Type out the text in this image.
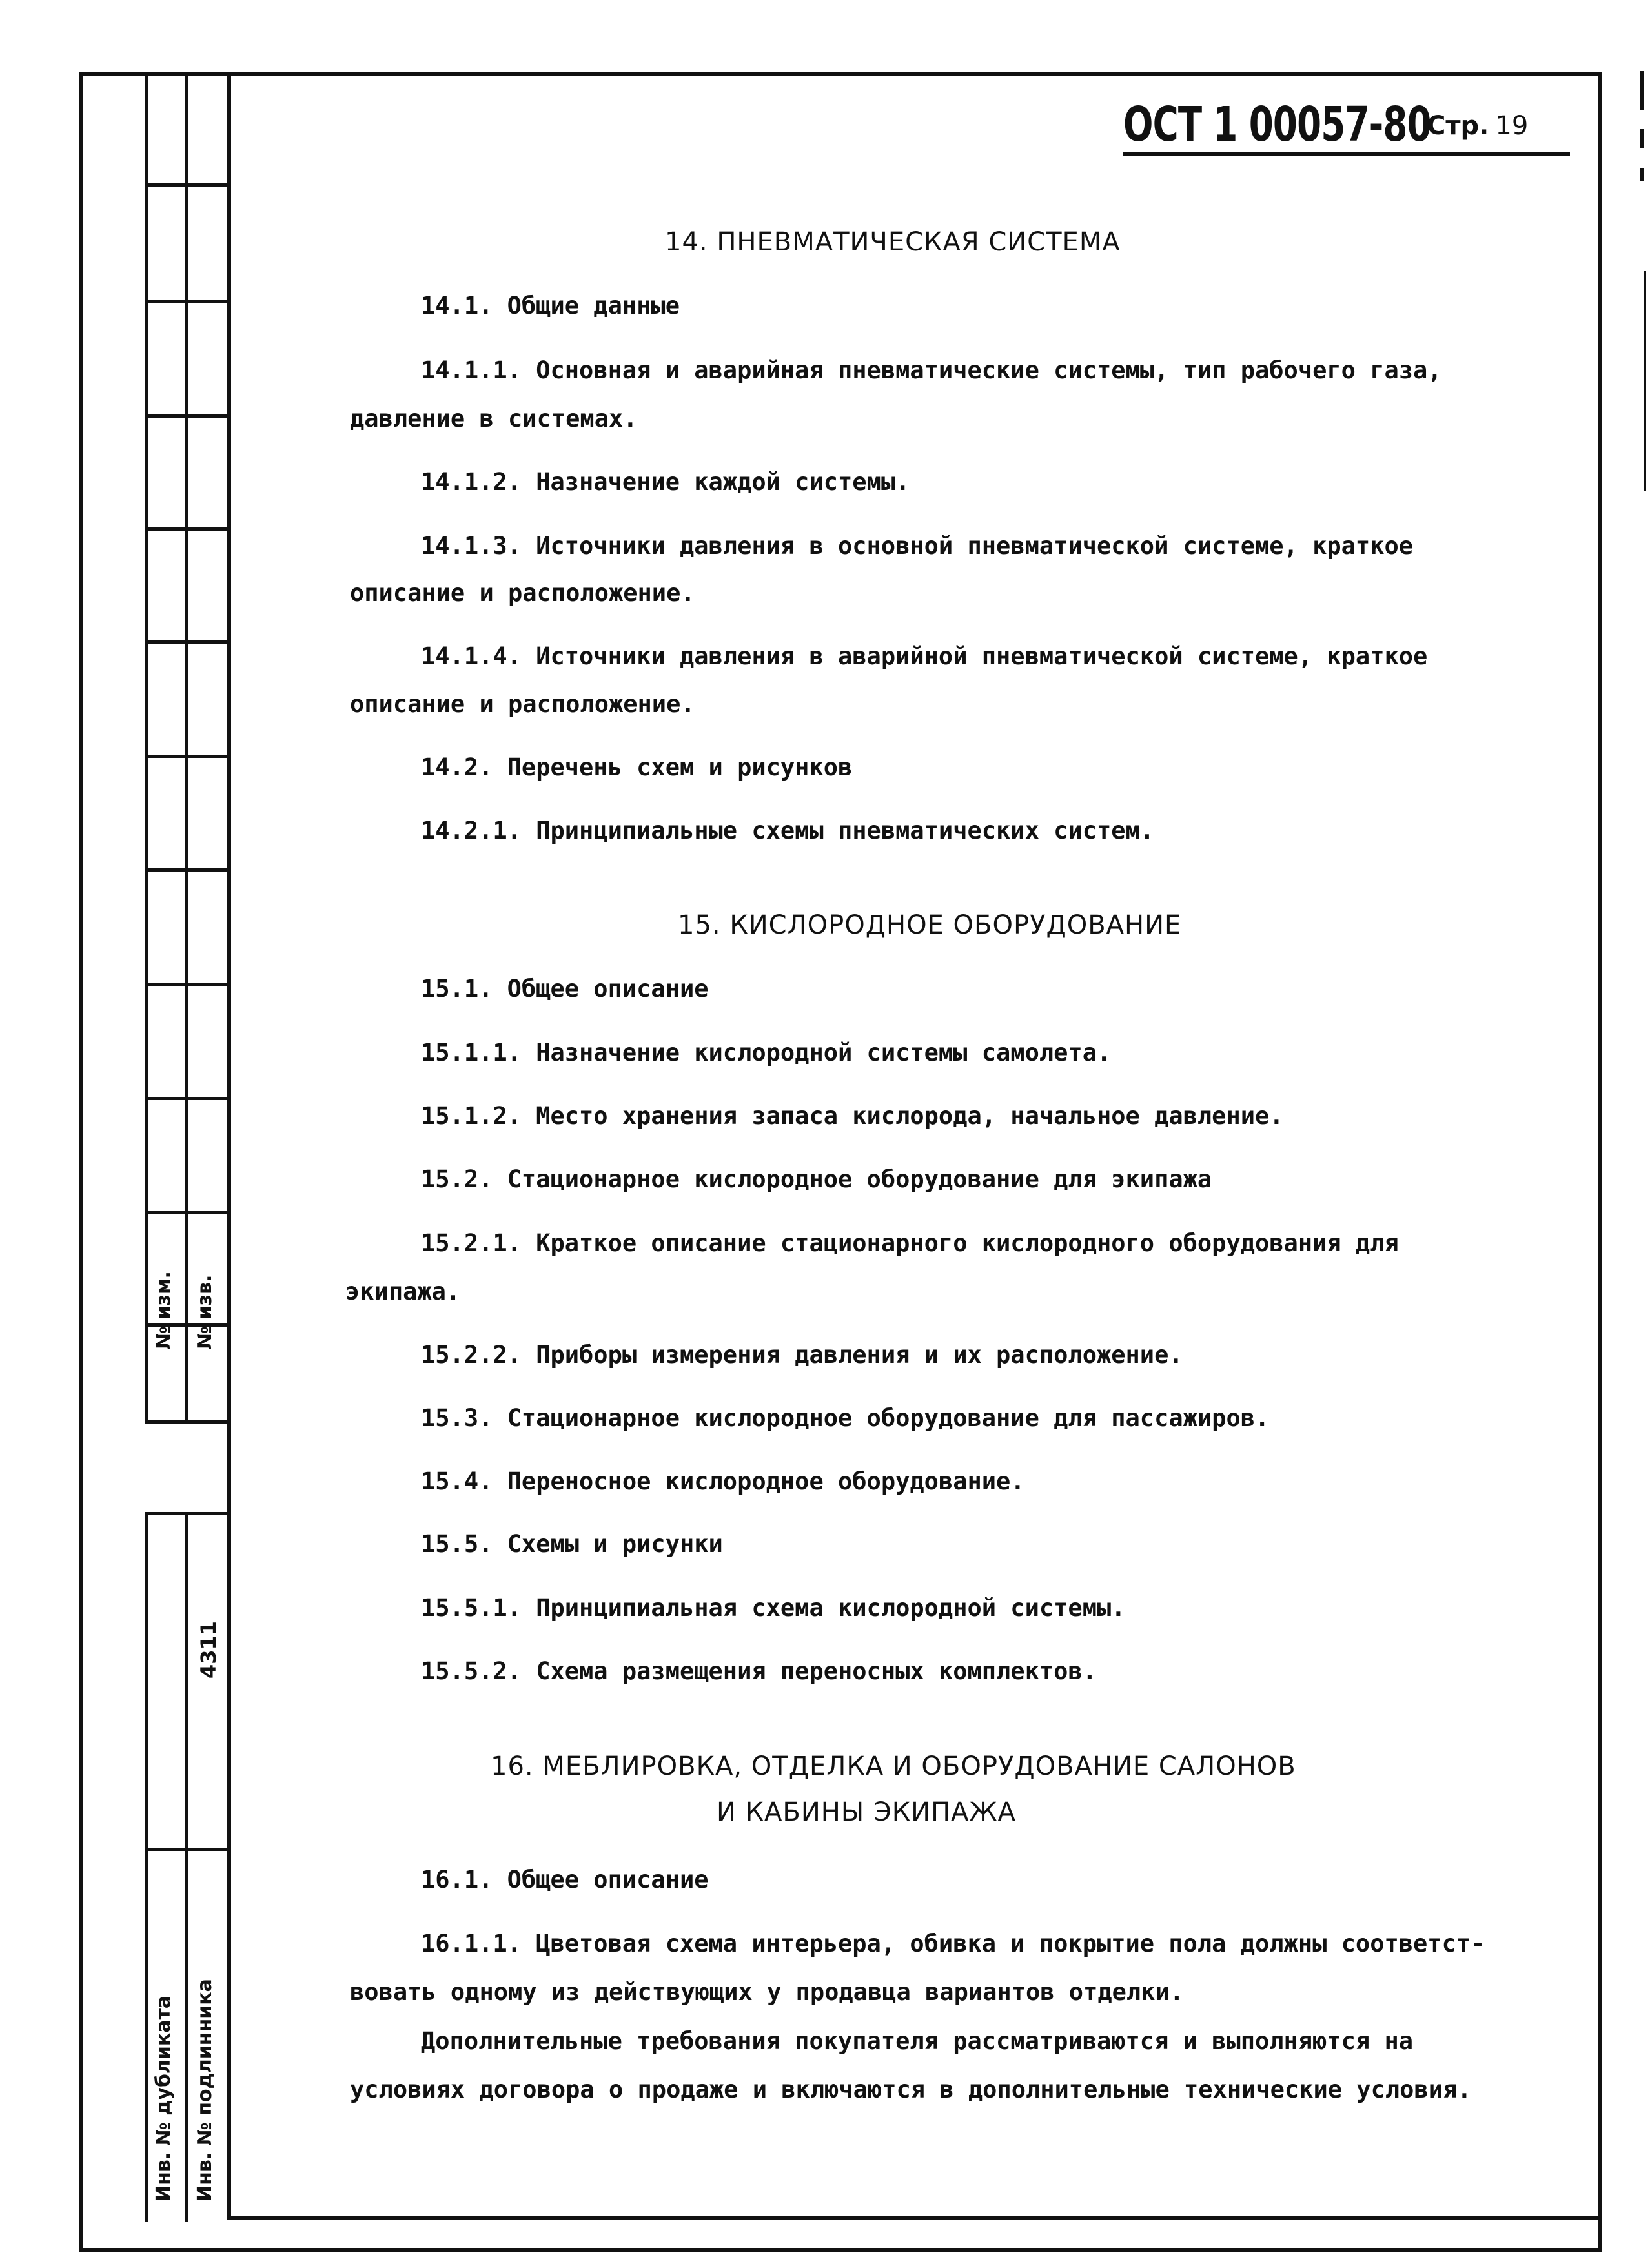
№ изм. № изв.
4311
Инв. № дубликата Инв. № подлинника
ОСТ 1 00057-80
Стр. 19
14. ПНЕВМАТИЧЕСКАЯ СИСТЕМА
14.1. Общие данные
14.1.1. Основная и аварийная пневматические системы, тип рабочего газа,
давление в системах.
14.1.2. Назначение каждой системы.
14.1.3. Источники давления в основной пневматической системе, краткое
описание и расположение.
14.1.4. Источники давления в аварийной пневматической системе, краткое
описание и расположение.
14.2. Перечень схем и рисунков
14.2.1. Принципиальные схемы пневматических систем.
15. КИСЛОРОДНОЕ ОБОРУДОВАНИЕ
15.1. Общее описание
15.1.1. Назначение кислородной системы самолета.
15.1.2. Место хранения запаса кислорода, начальное давление.
15.2. Стационарное кислородное оборудование для экипажа
15.2.1. Краткое описание стационарного кислородного оборудования для
экипажа.
15.2.2. Приборы измерения давления и их расположение.
15.3. Стационарное кислородное оборудование для пассажиров.
15.4. Переносное кислородное оборудование.
15.5. Схемы и рисунки
15.5.1. Принципиальная схема кислородной системы.
15.5.2. Схема размещения переносных комплектов.
16. МЕБЛИРОВКА, ОТДЕЛКА И ОБОРУДОВАНИЕ САЛОНОВ
И КАБИНЫ ЭКИПАЖА
16.1. Общее описание
16.1.1. Цветовая схема интерьера, обивка и покрытие пола должны соответст-
вовать одному из действующих у продавца вариантов отделки.
Дополнительные требования покупателя рассматриваются и выполняются на
условиях договора о продаже и включаются в дополнительные технические условия.
